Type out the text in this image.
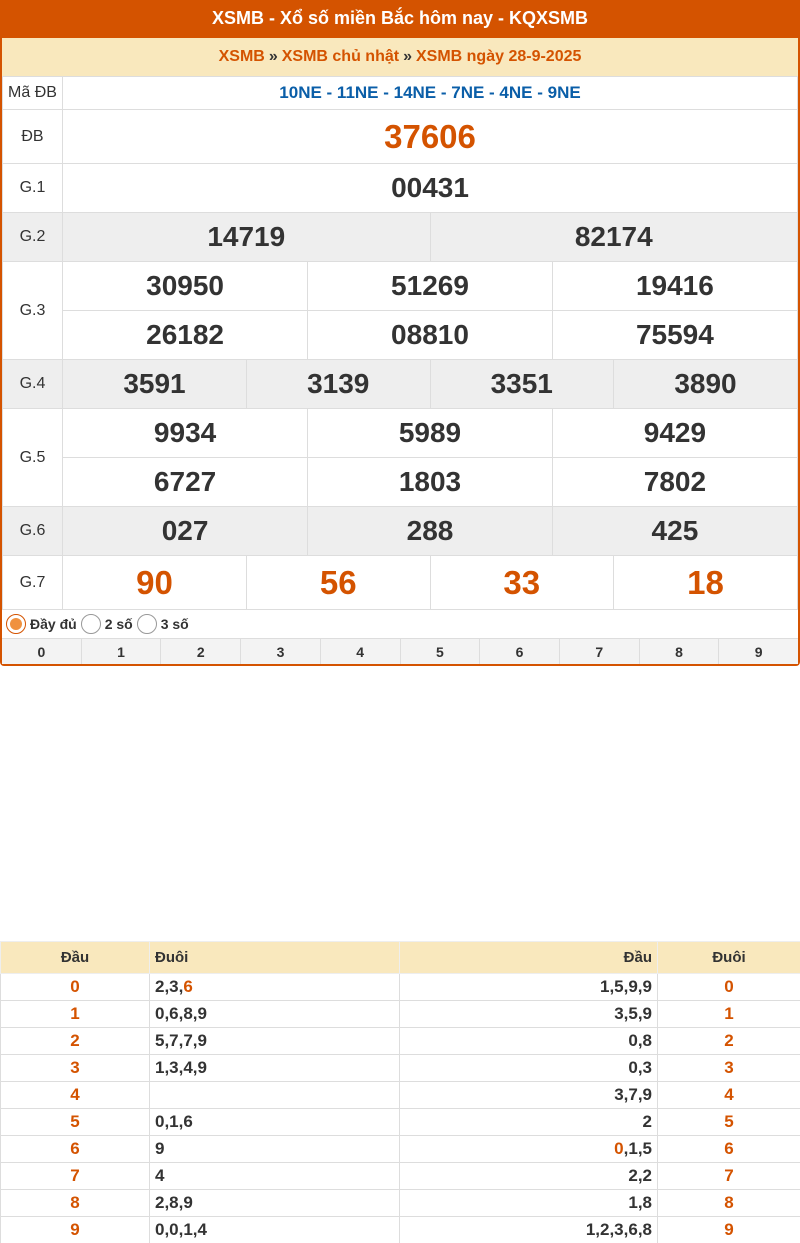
XSMB - Xổ số miền Bắc hôm nay - KQXSMB
XSMB » XSMB chủ nhật » XSMB ngày 28-9-2025
Mã ĐB	10NE - 11NE - 14NE - 7NE - 4NE - 9NE
ĐB	37606
G.1	00431
G.2		14719	82174

G.3	
30950	51269	19416
26182	08810	75594

G.4		3591	3139	3351	3890

G.5	
9934	5989	9429
6727	1803	7802

G.6		027	288	425

G.7		90	56	33	18
Đầy đủ 2 số 3 số
0	1	2	3	4	5	6	7	8	9
Đầu	Đuôi	Đầu	Đuôi
0	2,3,6	1,5,9,9	0
1	0,6,8,9	3,5,9	1
2	5,7,7,9	0,8	2
3	1,3,4,9	0,3	3
4		3,7,9	4
5	0,1,6	2	5
6	9	0,1,5	6
7	4	2,2	7
8	2,8,9	1,8	8
9	0,0,1,4	1,2,3,6,8	9
